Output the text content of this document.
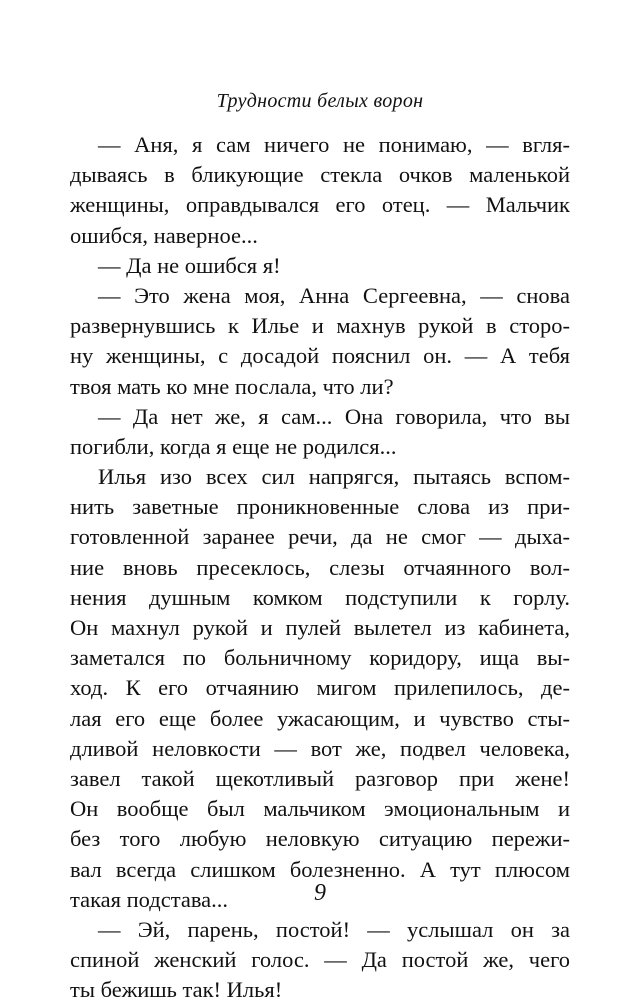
Трудности белых ворон
— Аня, я сам ничего не понимаю, — вгля-
дываясь в бликующие стекла очков маленькой
женщины, оправдывался его отец. — Мальчик
ошибся, наверное...
— Да не ошибся я!
— Это жена моя, Анна Сергеевна, — снова
развернувшись к Илье и махнув рукой в сторо-
ну женщины, с досадой пояснил он. — А тебя
твоя мать ко мне послала, что ли?
— Да нет же, я сам... Она говорила, что вы
погибли, когда я еще не родился...
Илья изо всех сил напрягся, пытаясь вспом-
нить заветные проникновенные слова из при-
готовленной заранее речи, да не смог — дыха-
ние вновь пресеклось, слезы отчаянного вол-
нения душным комком подступили к горлу.
Он махнул рукой и пулей вылетел из кабинета,
заметался по больничному коридору, ища вы-
ход. К его отчаянию мигом прилепилось, де-
лая его еще более ужасающим, и чувство сты-
дливой неловкости — вот же, подвел человека,
завел такой щекотливый разговор при жене!
Он вообще был мальчиком эмоциональным и
без того любую неловкую ситуацию пережи-
вал всегда слишком болезненно. А тут плюсом
такая подстава...
— Эй, парень, постой! — услышал он за
спиной женский голос. — Да постой же, чего
ты бежишь так! Илья!
9
